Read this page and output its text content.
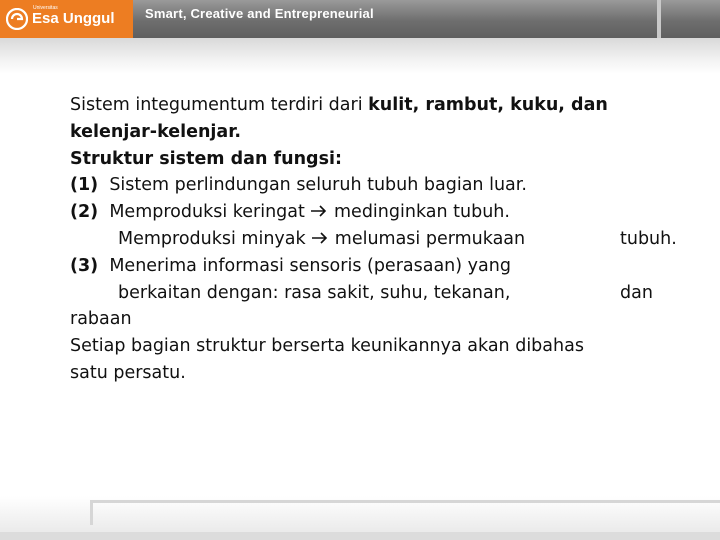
Universitas
Esa Unggul Smart, Creative and Entrepreneurial
Sistem integumentum terdiri dari kulit, rambut, kuku, dan
kelenjar-kelenjar.
Struktur sistem dan fungsi:
(1) Sistem perlindungan seluruh tubuh bagian luar.
(2) Memproduksi keringat  medinginkan tubuh.
Memproduksi minyak  melumasi permukaan	tubuh.
(3) Menerima informasi sensoris (perasaan) yang
berkaitan dengan: rasa sakit, suhu, tekanan,	dan
rabaan
Setiap bagian struktur berserta keunikannya akan dibahas
satu persatu.
